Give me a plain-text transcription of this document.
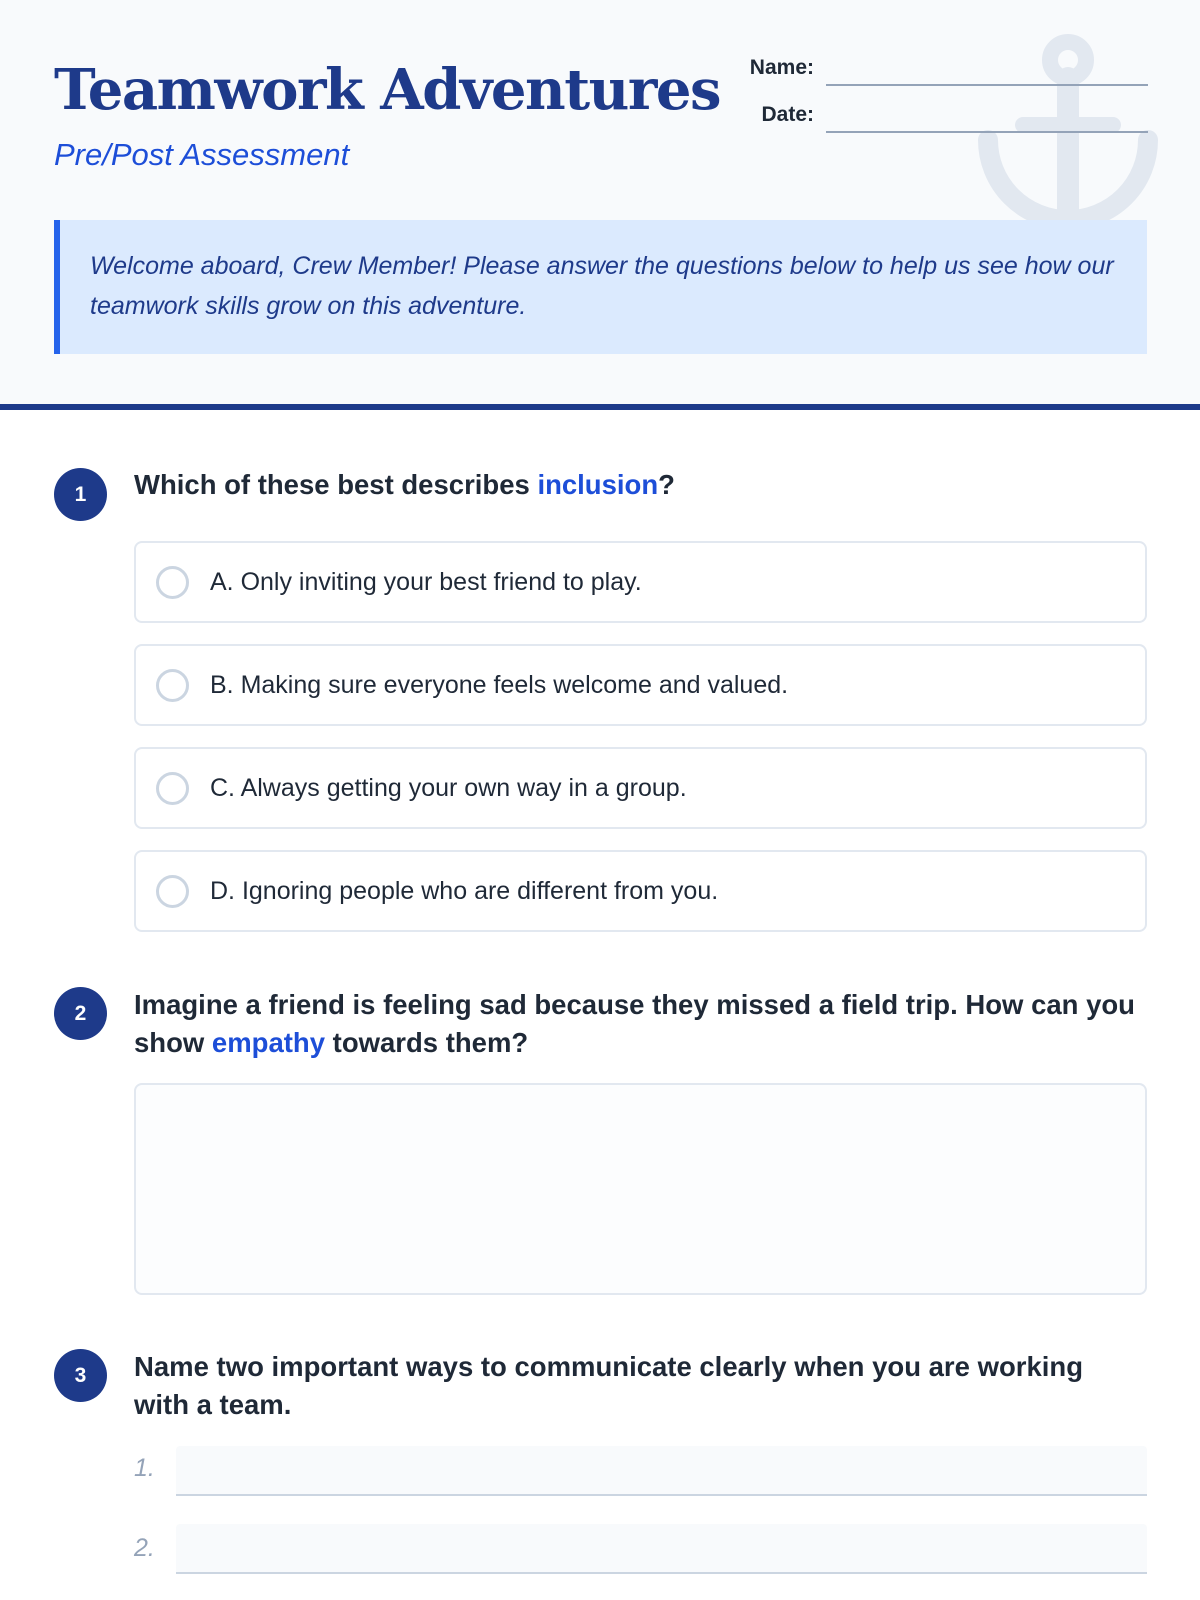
Teamwork Adventures
Pre/Post Assessment
Name:
Date:
Welcome aboard, Crew Member! Please answer the questions below to help us see how our teamwork skills grow on this adventure.
1	Which of these best describes inclusion?
A. Only inviting your best friend to play.
B. Making sure everyone feels welcome and valued.
C. Always getting your own way in a group.
D. Ignoring people who are different from you.
2	Imagine a friend is feeling sad because they missed a field trip. How can you show empathy towards them?
3	Name two important ways to communicate clearly when you are working with a team.
1.
2.
